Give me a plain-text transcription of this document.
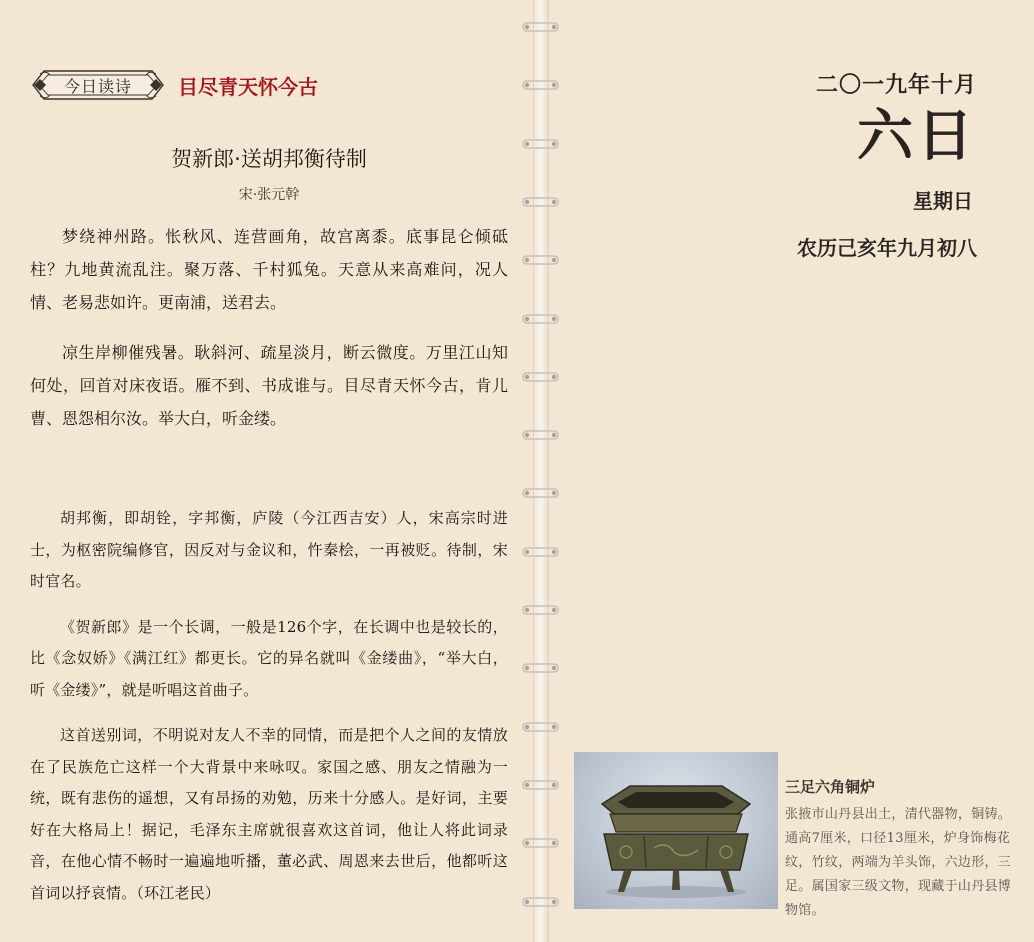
今日读诗	目尽青天怀今古
贺新郎·送胡邦衡待制
宋·张元幹

梦绕神州路。怅秋风、连营画角，故宫离黍。底事昆仑倾砥柱？九地黄流乱注。聚万落、千村狐兔。天意从来高难问，况人情、老易悲如许。更南浦，送君去。

凉生岸柳催残暑。耿斜河、疏星淡月，断云微度。万里江山知何处，回首对床夜语。雁不到、书成谁与。目尽青天怀今古，肯儿曹、恩怨相尔汝。举大白，听金缕。

胡邦衡，即胡铨，字邦衡，庐陵（今江西吉安）人，宋高宗时进士，为枢密院编修官，因反对与金议和，忤秦桧，一再被贬。待制，宋时官名。

《贺新郎》是一个长调，一般是126个字，在长调中也是较长的，比《念奴娇》《满江红》都更长。它的异名就叫《金缕曲》，“举大白，听《金缕》”，就是听唱这首曲子。

这首送别词，不明说对友人不幸的同情，而是把个人之间的友情放在了民族危亡这样一个大背景中来咏叹。家国之感、朋友之情融为一统，既有悲伤的遥想，又有昂扬的劝勉，历来十分感人。是好词，主要好在大格局上！据记，毛泽东主席就很喜欢这首词，他让人将此词录音，在他心情不畅时一遍遍地听播，董必武、周恩来去世后，他都听这首词以抒哀情。（环江老民）

二〇一九年十月
六日
星期日
农历己亥年九月初八
三足六角铜炉
张掖市山丹县出土，清代器物，铜铸。通高7厘米，口径13厘米，炉身饰梅花纹，竹纹，两端为羊头饰，六边形，三足。属国家三级文物，现藏于山丹县博物馆。
